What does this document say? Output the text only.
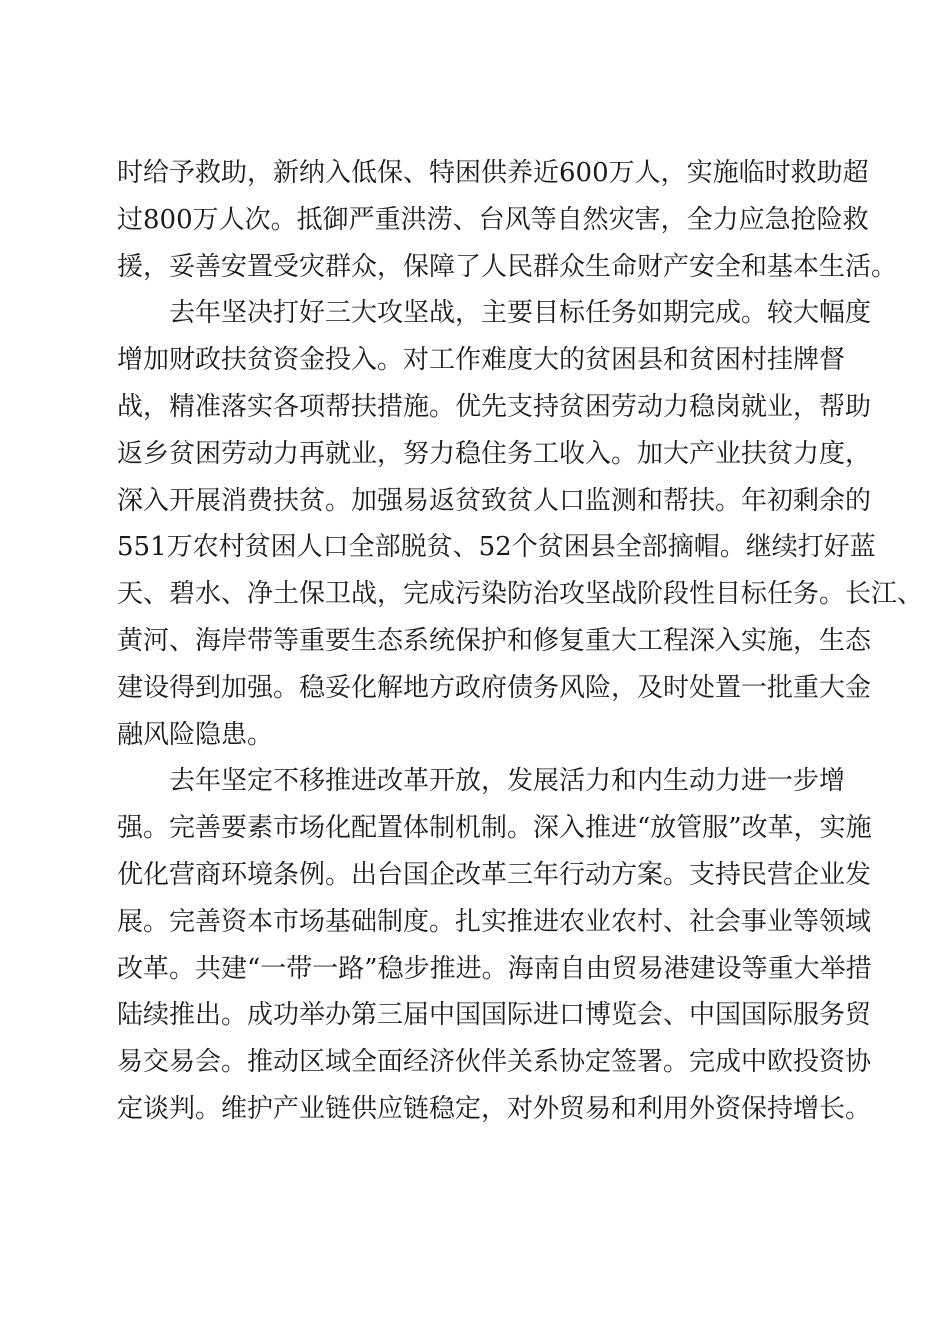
时给予救助，新纳入低保、特困供养近600万人，实施临时救助超
过800万人次。抵御严重洪涝、台风等自然灾害，全力应急抢险救
援，妥善安置受灾群众，保障了人民群众生命财产安全和基本生活。
去年坚决打好三大攻坚战，主要目标任务如期完成。较大幅度
增加财政扶贫资金投入。对工作难度大的贫困县和贫困村挂牌督
战，精准落实各项帮扶措施。优先支持贫困劳动力稳岗就业，帮助
返乡贫困劳动力再就业，努力稳住务工收入。加大产业扶贫力度，
深入开展消费扶贫。加强易返贫致贫人口监测和帮扶。年初剩余的
551万农村贫困人口全部脱贫、52个贫困县全部摘帽。继续打好蓝
天、碧水、净土保卫战，完成污染防治攻坚战阶段性目标任务。长江、
黄河、海岸带等重要生态系统保护和修复重大工程深入实施，生态
建设得到加强。稳妥化解地方政府债务风险，及时处置一批重大金
融风险隐患。
去年坚定不移推进改革开放，发展活力和内生动力进一步增
强。完善要素市场化配置体制机制。深入推进“放管服”改革，实施
优化营商环境条例。出台国企改革三年行动方案。支持民营企业发
展。完善资本市场基础制度。扎实推进农业农村、社会事业等领域
改革。共建“一带一路”稳步推进。海南自由贸易港建设等重大举措
陆续推出。成功举办第三届中国国际进口博览会、中国国际服务贸
易交易会。推动区域全面经济伙伴关系协定签署。完成中欧投资协
定谈判。维护产业链供应链稳定，对外贸易和利用外资保持增长。
